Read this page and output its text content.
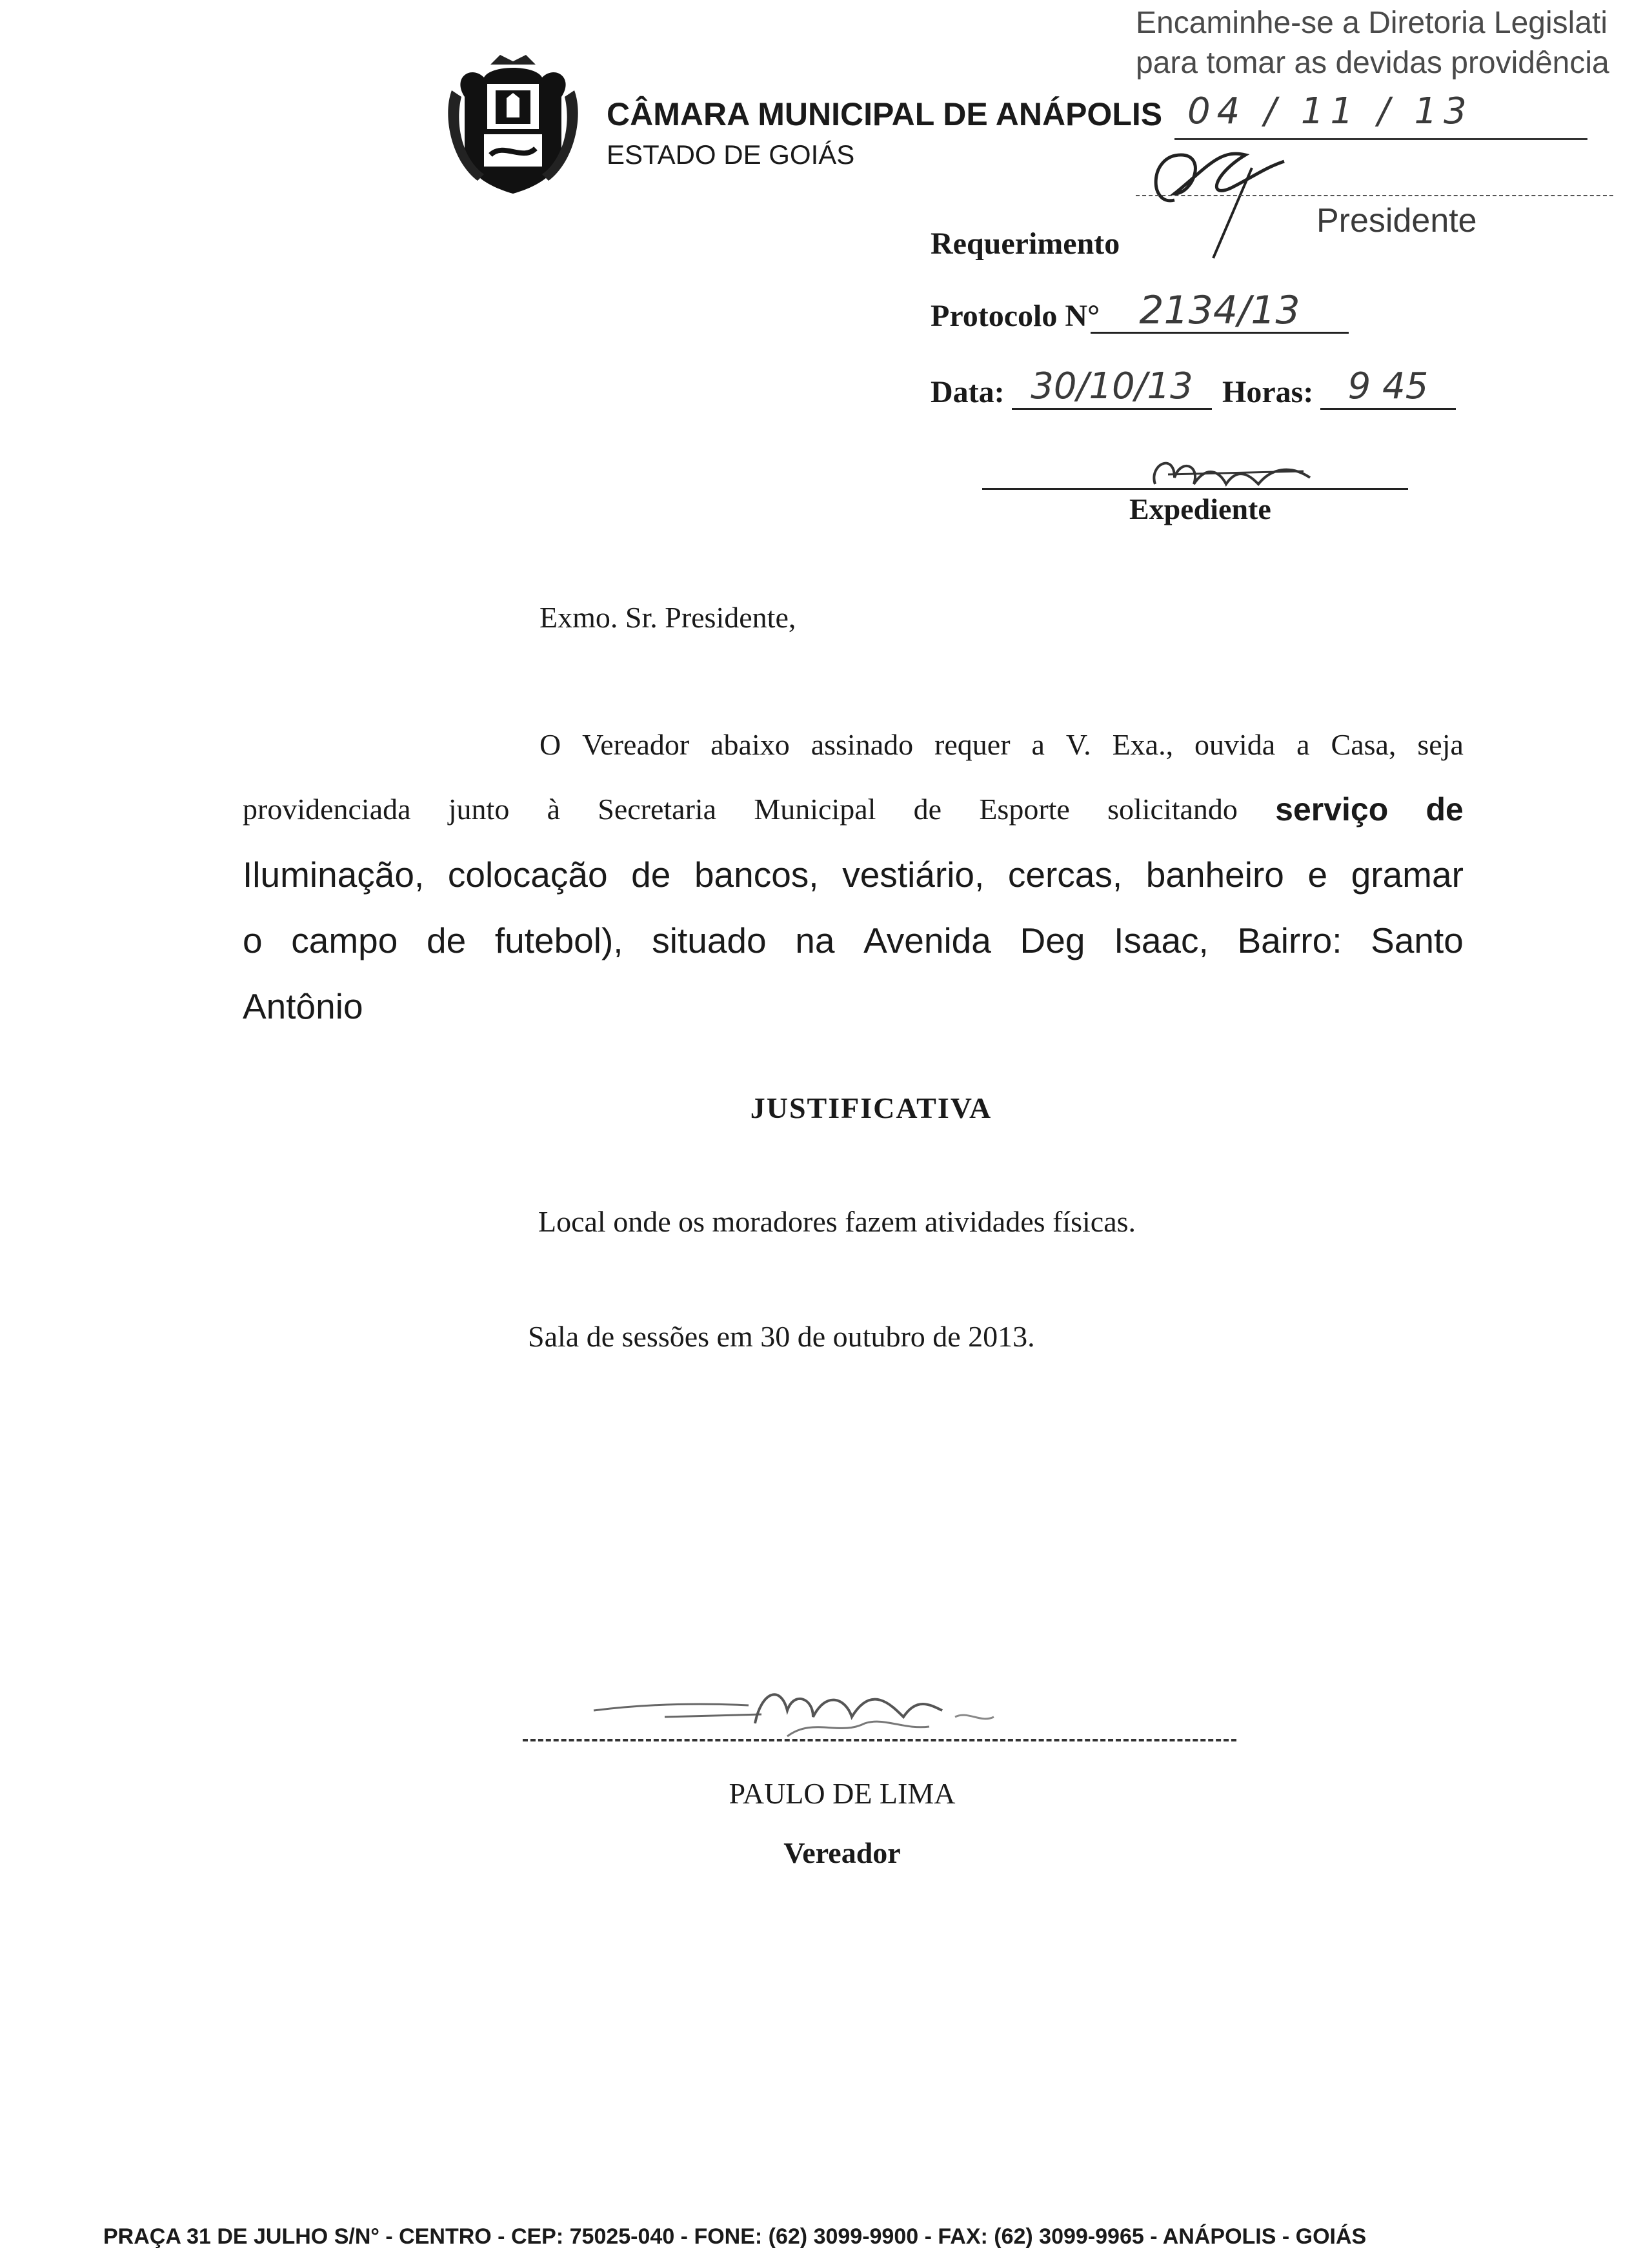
Encaminhe-se a Diretoria Legislati
para tomar as devidas providência
CÂMARA MUNICIPAL DE ANÁPOLIS
ESTADO DE GOIÁS
04 / 11 / 13
Presidente
Requerimento
Protocolo N°	2134/13
Data: 30/10/13 Horas: 9 45
Expediente
Exmo. Sr. Presidente,
O Vereador abaixo assinado requer a V. Exa., ouvida a Casa, seja
providenciada junto à Secretaria Municipal de Esporte solicitando serviço de
Iluminação, colocação de bancos, vestiário, cercas, banheiro e gramar
o campo de futebol), situado na Avenida Deg Isaac, Bairro: Santo
Antônio
JUSTIFICATIVA
Local onde os moradores fazem atividades físicas.
Sala de sessões em 30 de outubro de 2013.
PAULO DE LIMA
Vereador
PRAÇA 31 DE JULHO S/N° - CENTRO - CEP: 75025-040 - FONE: (62) 3099-9900 - FAX: (62) 3099-9965 - ANÁPOLIS - GOIÁS
